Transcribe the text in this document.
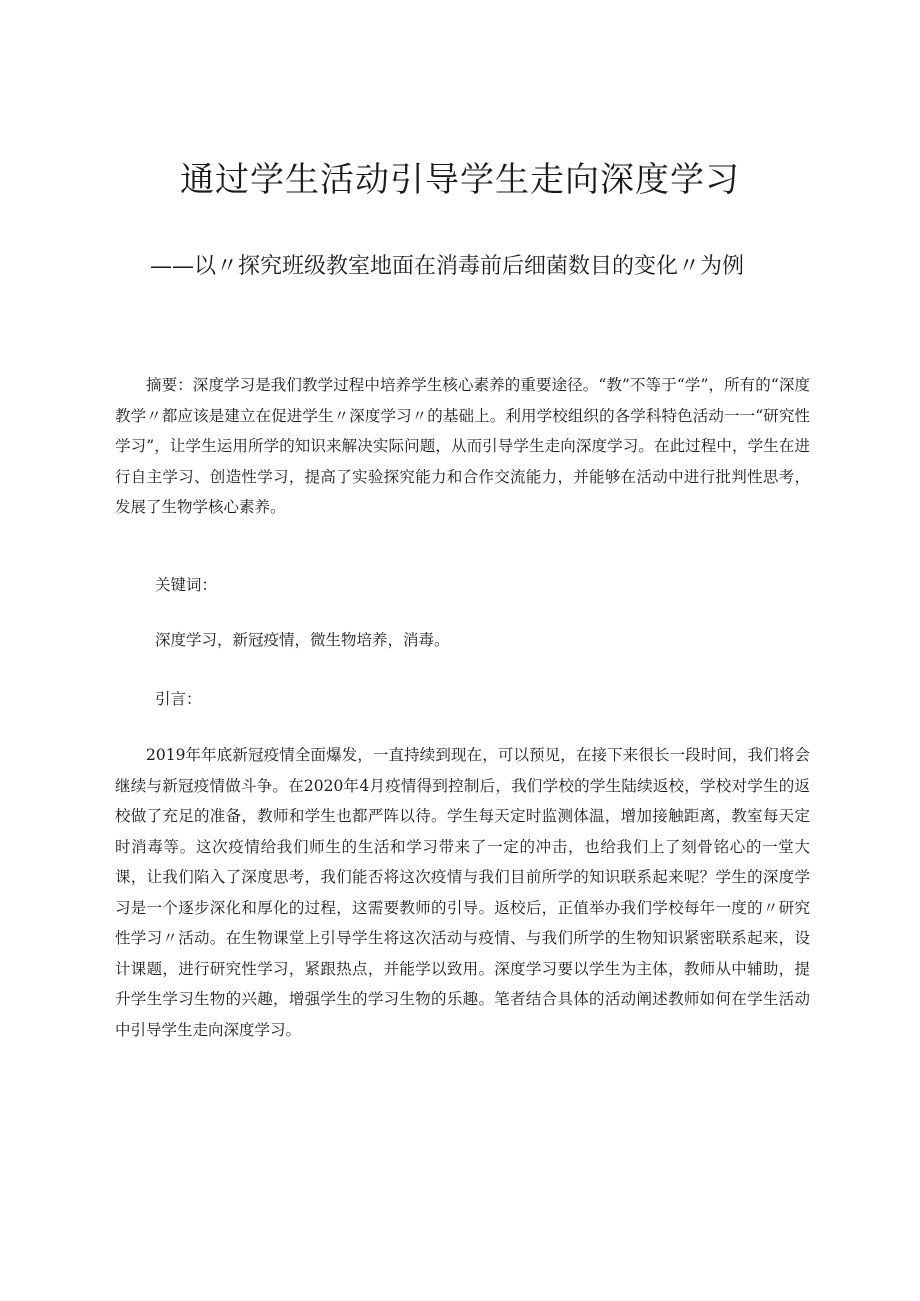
通过学生活动引导学生走向深度学习

——以〃探究班级教室地面在消毒前后细菌数目的变化〃为例

摘要：深度学习是我们教学过程中培养学生核心素养的重要途径。“教”不等于“学”，所有的“深度教学〃都应该是建立在促进学生〃深度学习〃的基础上。利用学校组织的各学科特色活动一一“研究性学习”，让学生运用所学的知识来解决实际问题，从而引导学生走向深度学习。在此过程中，学生在进行自主学习、创造性学习，提高了实验探究能力和合作交流能力，并能够在活动中进行批判性思考，发展了生物学核心素养。

关键词：

深度学习，新冠疫情，微生物培养，消毒。

引言：

2019年年底新冠疫情全面爆发，一直持续到现在，可以预见，在接下来很长一段时间，我们将会继续与新冠疫情做斗争。在2020年4月疫情得到控制后，我们学校的学生陆续返校，学校对学生的返校做了充足的准备，教师和学生也都严阵以待。学生每天定时监测体温，增加接触距离，教室每天定时消毒等。这次疫情给我们师生的生活和学习带来了一定的冲击，也给我们上了刻骨铭心的一堂大课，让我们陷入了深度思考，我们能否将这次疫情与我们目前所学的知识联系起来呢？学生的深度学习是一个逐步深化和厚化的过程，这需要教师的引导。返校后，正值举办我们学校每年一度的〃研究性学习〃活动。在生物课堂上引导学生将这次活动与疫情、与我们所学的生物知识紧密联系起来，设计课题，进行研究性学习，紧跟热点，并能学以致用。深度学习要以学生为主体，教师从中辅助，提升学生学习生物的兴趣，增强学生的学习生物的乐趣。笔者结合具体的活动阐述教师如何在学生活动中引导学生走向深度学习。
